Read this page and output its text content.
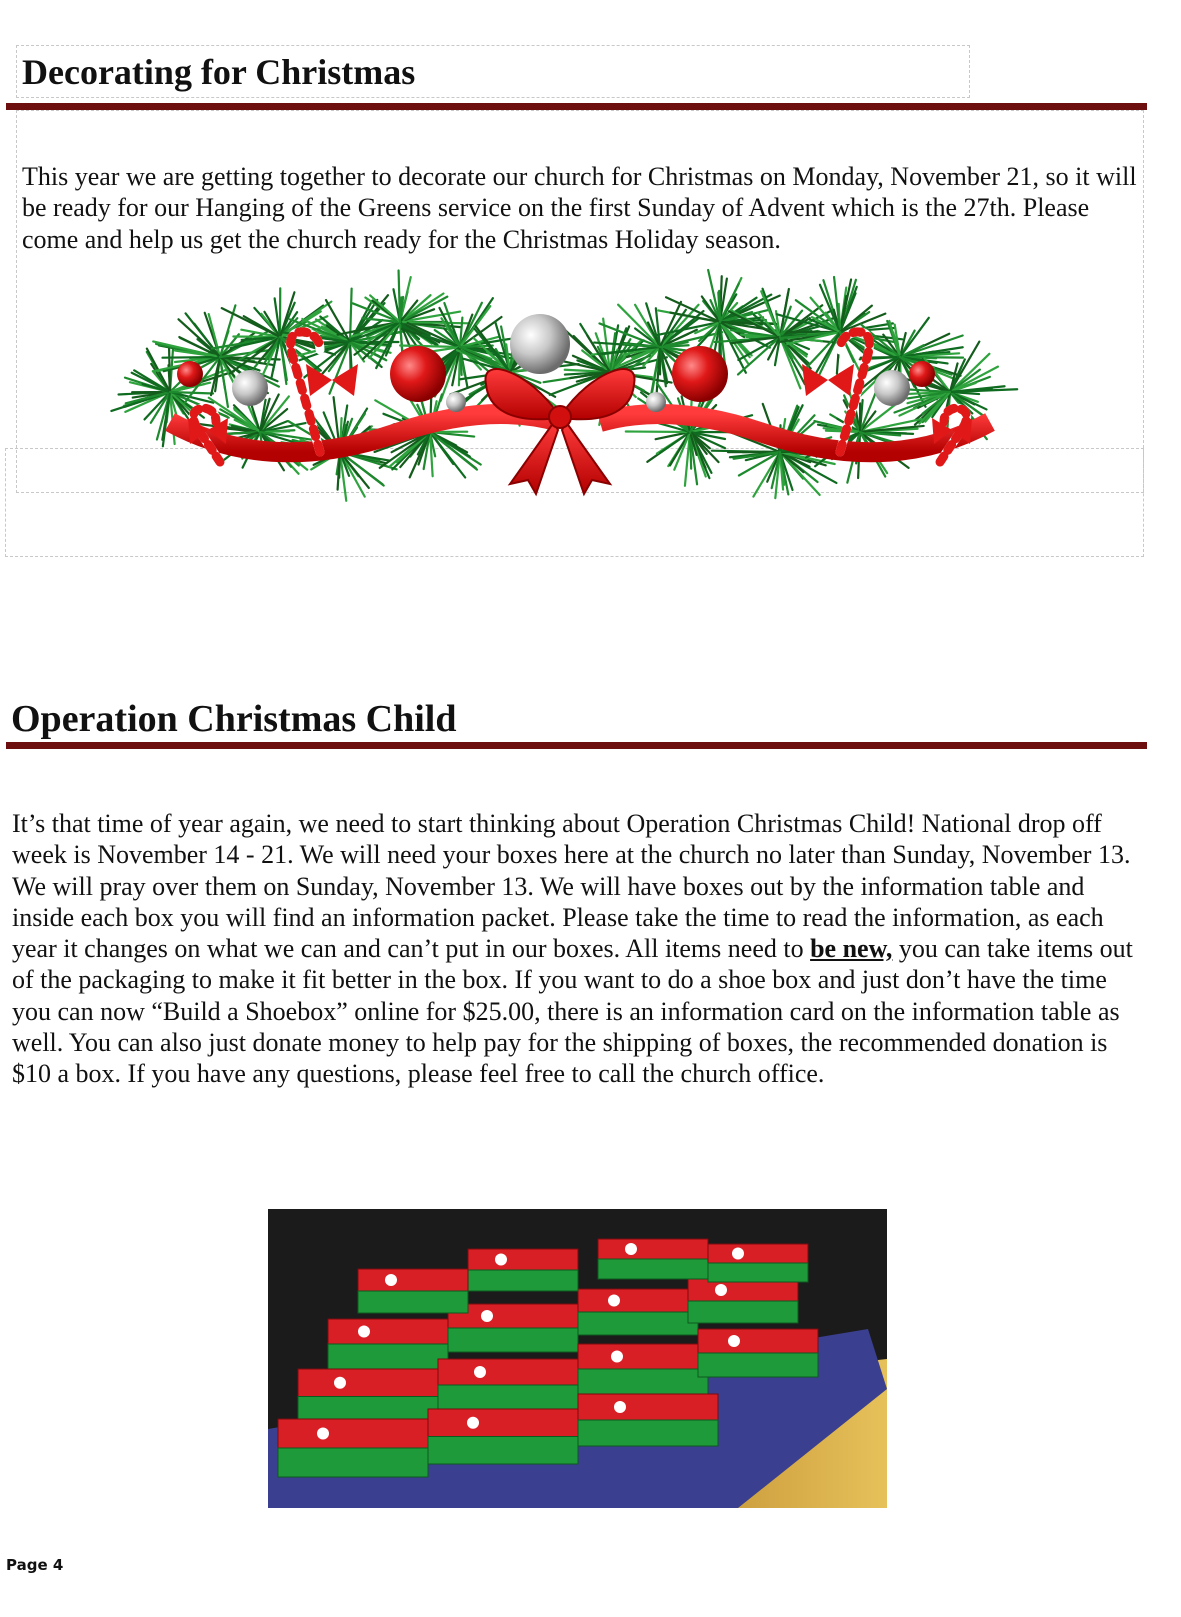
Decorating for Christmas

This year we are getting together to decorate our church for Christmas on Monday, November 21, so it will be ready for our Hanging of the Greens service on the first Sunday of Advent which is the 27th. Please come and help us get the church ready for the Christmas Holiday season.

Operation Christmas Child

It’s that time of year again, we need to start thinking about Operation Christmas Child! National drop off week is November 14 - 21. We will need your boxes here at the church no later than Sunday, November 13. We will pray over them on Sunday, November 13. We will have boxes out by the information table and inside each box you will find an information packet. Please take the time to read the information, as each year it changes on what we can and can’t put in our boxes. All items need to be new, you can take items out of the packaging to make it fit better in the box. If you want to do a shoe box and just don’t have the time you can now “Build a Shoebox” online for $25.00, there is an information card on the information table as well. You can also just donate money to help pay for the shipping of boxes, the recommended donation is $10 a box. If you have any questions, please feel free to call the church office.

Page 4
